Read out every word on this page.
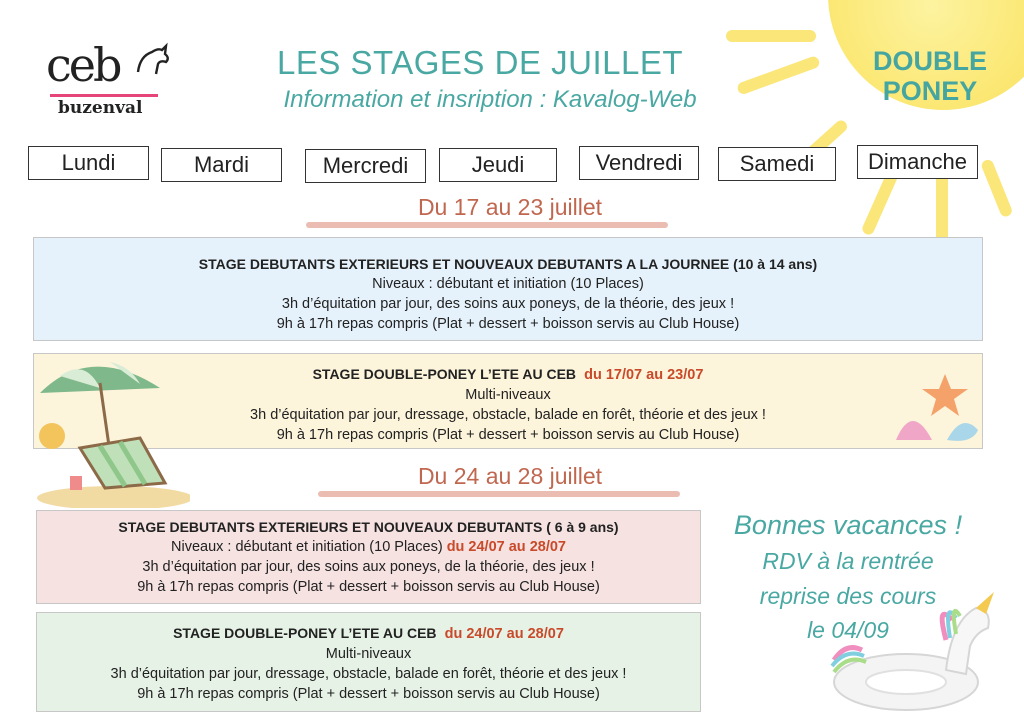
ceb
buzenval
LES STAGES DE JUILLET
Information et insription : Kavalog-Web
DOUBLE
PONEY
Lundi	Mardi	Mercredi	Jeudi	Vendredi	Samedi	Dimanche
Du 17 au 23 juillet
STAGE DEBUTANTS EXTERIEURS ET NOUVEAUX DEBUTANTS A LA JOURNEE (10 à 14 ans)
Niveaux : débutant et initiation (10 Places)
3h d’équitation par jour, des soins aux poneys, de la théorie, des jeux !
9h à 17h repas compris (Plat + dessert + boisson servis au Club House)
STAGE DOUBLE-PONEY L’ETE AU CEB du 17/07 au 23/07
Multi-niveaux
3h d’équitation par jour, dressage, obstacle, balade en forêt, théorie et des jeux !
9h à 17h repas compris (Plat + dessert + boisson servis au Club House)
Du 24 au 28 juillet
STAGE DEBUTANTS EXTERIEURS ET NOUVEAUX DEBUTANTS ( 6 à 9 ans)
Niveaux : débutant et initiation (10 Places) du 24/07 au 28/07
3h d’équitation par jour, des soins aux poneys, de la théorie, des jeux !
9h à 17h repas compris (Plat + dessert + boisson servis au Club House)
STAGE DOUBLE-PONEY L’ETE AU CEB du 24/07 au 28/07
Multi-niveaux
3h d’équitation par jour, dressage, obstacle, balade en forêt, théorie et des jeux !
9h à 17h repas compris (Plat + dessert + boisson servis au Club House)
Bonnes vacances !
RDV à la rentrée
reprise des cours
le 04/09
